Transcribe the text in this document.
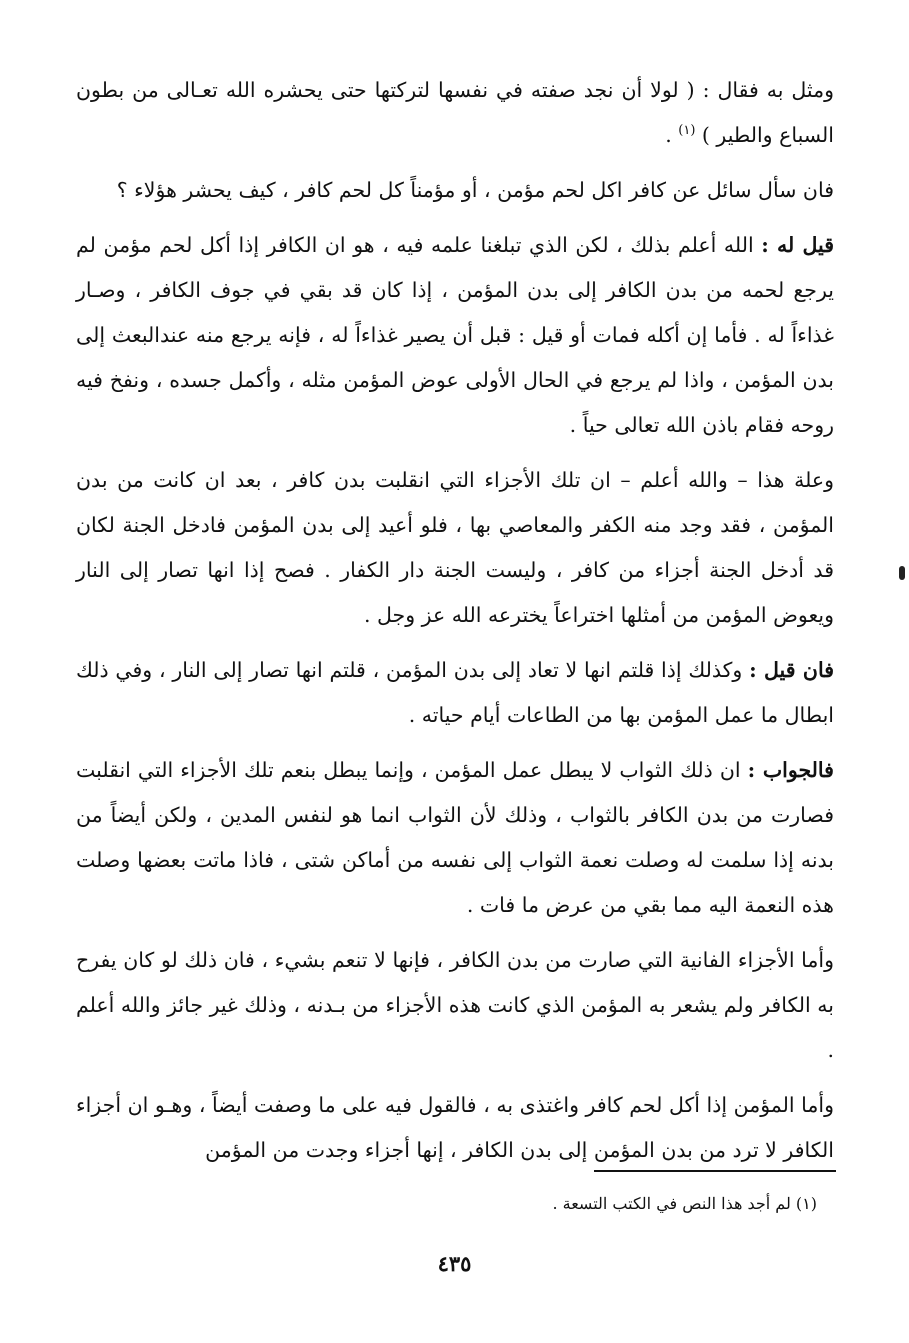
ومثل به فقال : ( لولا أن نجد صفته في نفسها لتركتها حتى يحشره الله تعـالى من بطون السباع والطير ) $^{(١)}$ .

فان سأل سائل عن كافر اكل لحم مؤمن ، أو مؤمناً كل لحم كافر ، كيف يحشر هؤلاء ؟

قيل له : الله أعلم بذلك ، لكن الذي تبلغنا علمه فيه ، هو ان الكافر إذا أكل لحم مؤمن لم يرجع لحمه من بدن الكافر إلى بدن المؤمن ، إذا كان قد بقي في جوف الكافر ، وصـار غذاءاً له . فأما إن أكله فمات أو قيل : قبل أن يصير غذاءاً له ، فإنه يرجع منه عندالبعث إلى بدن المؤمن ، واذا لم يرجع في الحال الأولى عوض المؤمن مثله ، وأكمل جسده ، ونفخ فيه روحه فقام باذن الله تعالى حياً .

وعلة هذا – والله أعلم – ان تلك الأجزاء التي انقلبت بدن كافر ، بعد ان كانت من بدن المؤمن ، فقد وجد منه الكفر والمعاصي بها ، فلو أعيد إلى بدن المؤمن فادخل الجنة لكان قد أدخل الجنة أجزاء من كافر ، وليست الجنة دار الكفار . فصح إذا انها تصار إلى النار ويعوض المؤمن من أمثلها اختراعاً يخترعه الله عز وجل .

فان قيل : وكذلك إذا قلتم انها لا تعاد إلى بدن المؤمن ، قلتم انها تصار إلى النار ، وفي ذلك ابطال ما عمل المؤمن بها من الطاعات أيام حياته .

فالجواب : ان ذلك الثواب لا يبطل عمل المؤمن ، وإنما يبطل بنعم تلك الأجزاء التي انقلبت فصارت من بدن الكافر بالثواب ، وذلك لأن الثواب انما هو لنفس المدين ، ولكن أيضاً من بدنه إذا سلمت له وصلت نعمة الثواب إلى نفسه من أماكن شتى ، فاذا ماتت بعضها وصلت هذه النعمة اليه مما بقي من عرض ما فات .

وأما الأجزاء الفانية التي صارت من بدن الكافر ، فإنها لا تنعم بشيء ، فان ذلك لو كان يفرح به الكافر ولم يشعر به المؤمن الذي كانت هذه الأجزاء من بـدنه ، وذلك غير جائز والله أعلم .

وأما المؤمن إذا أكل لحم كافر واغتذى به ، فالقول فيه على ما وصفت أيضاً ، وهـو ان أجزاء الكافر لا ترد من بدن المؤمن إلى بدن الكافر ، إنها أجزاء وجدت من المؤمن

(١) لم أجد هذا النص في الكتب التسعة .
٤٣٥
